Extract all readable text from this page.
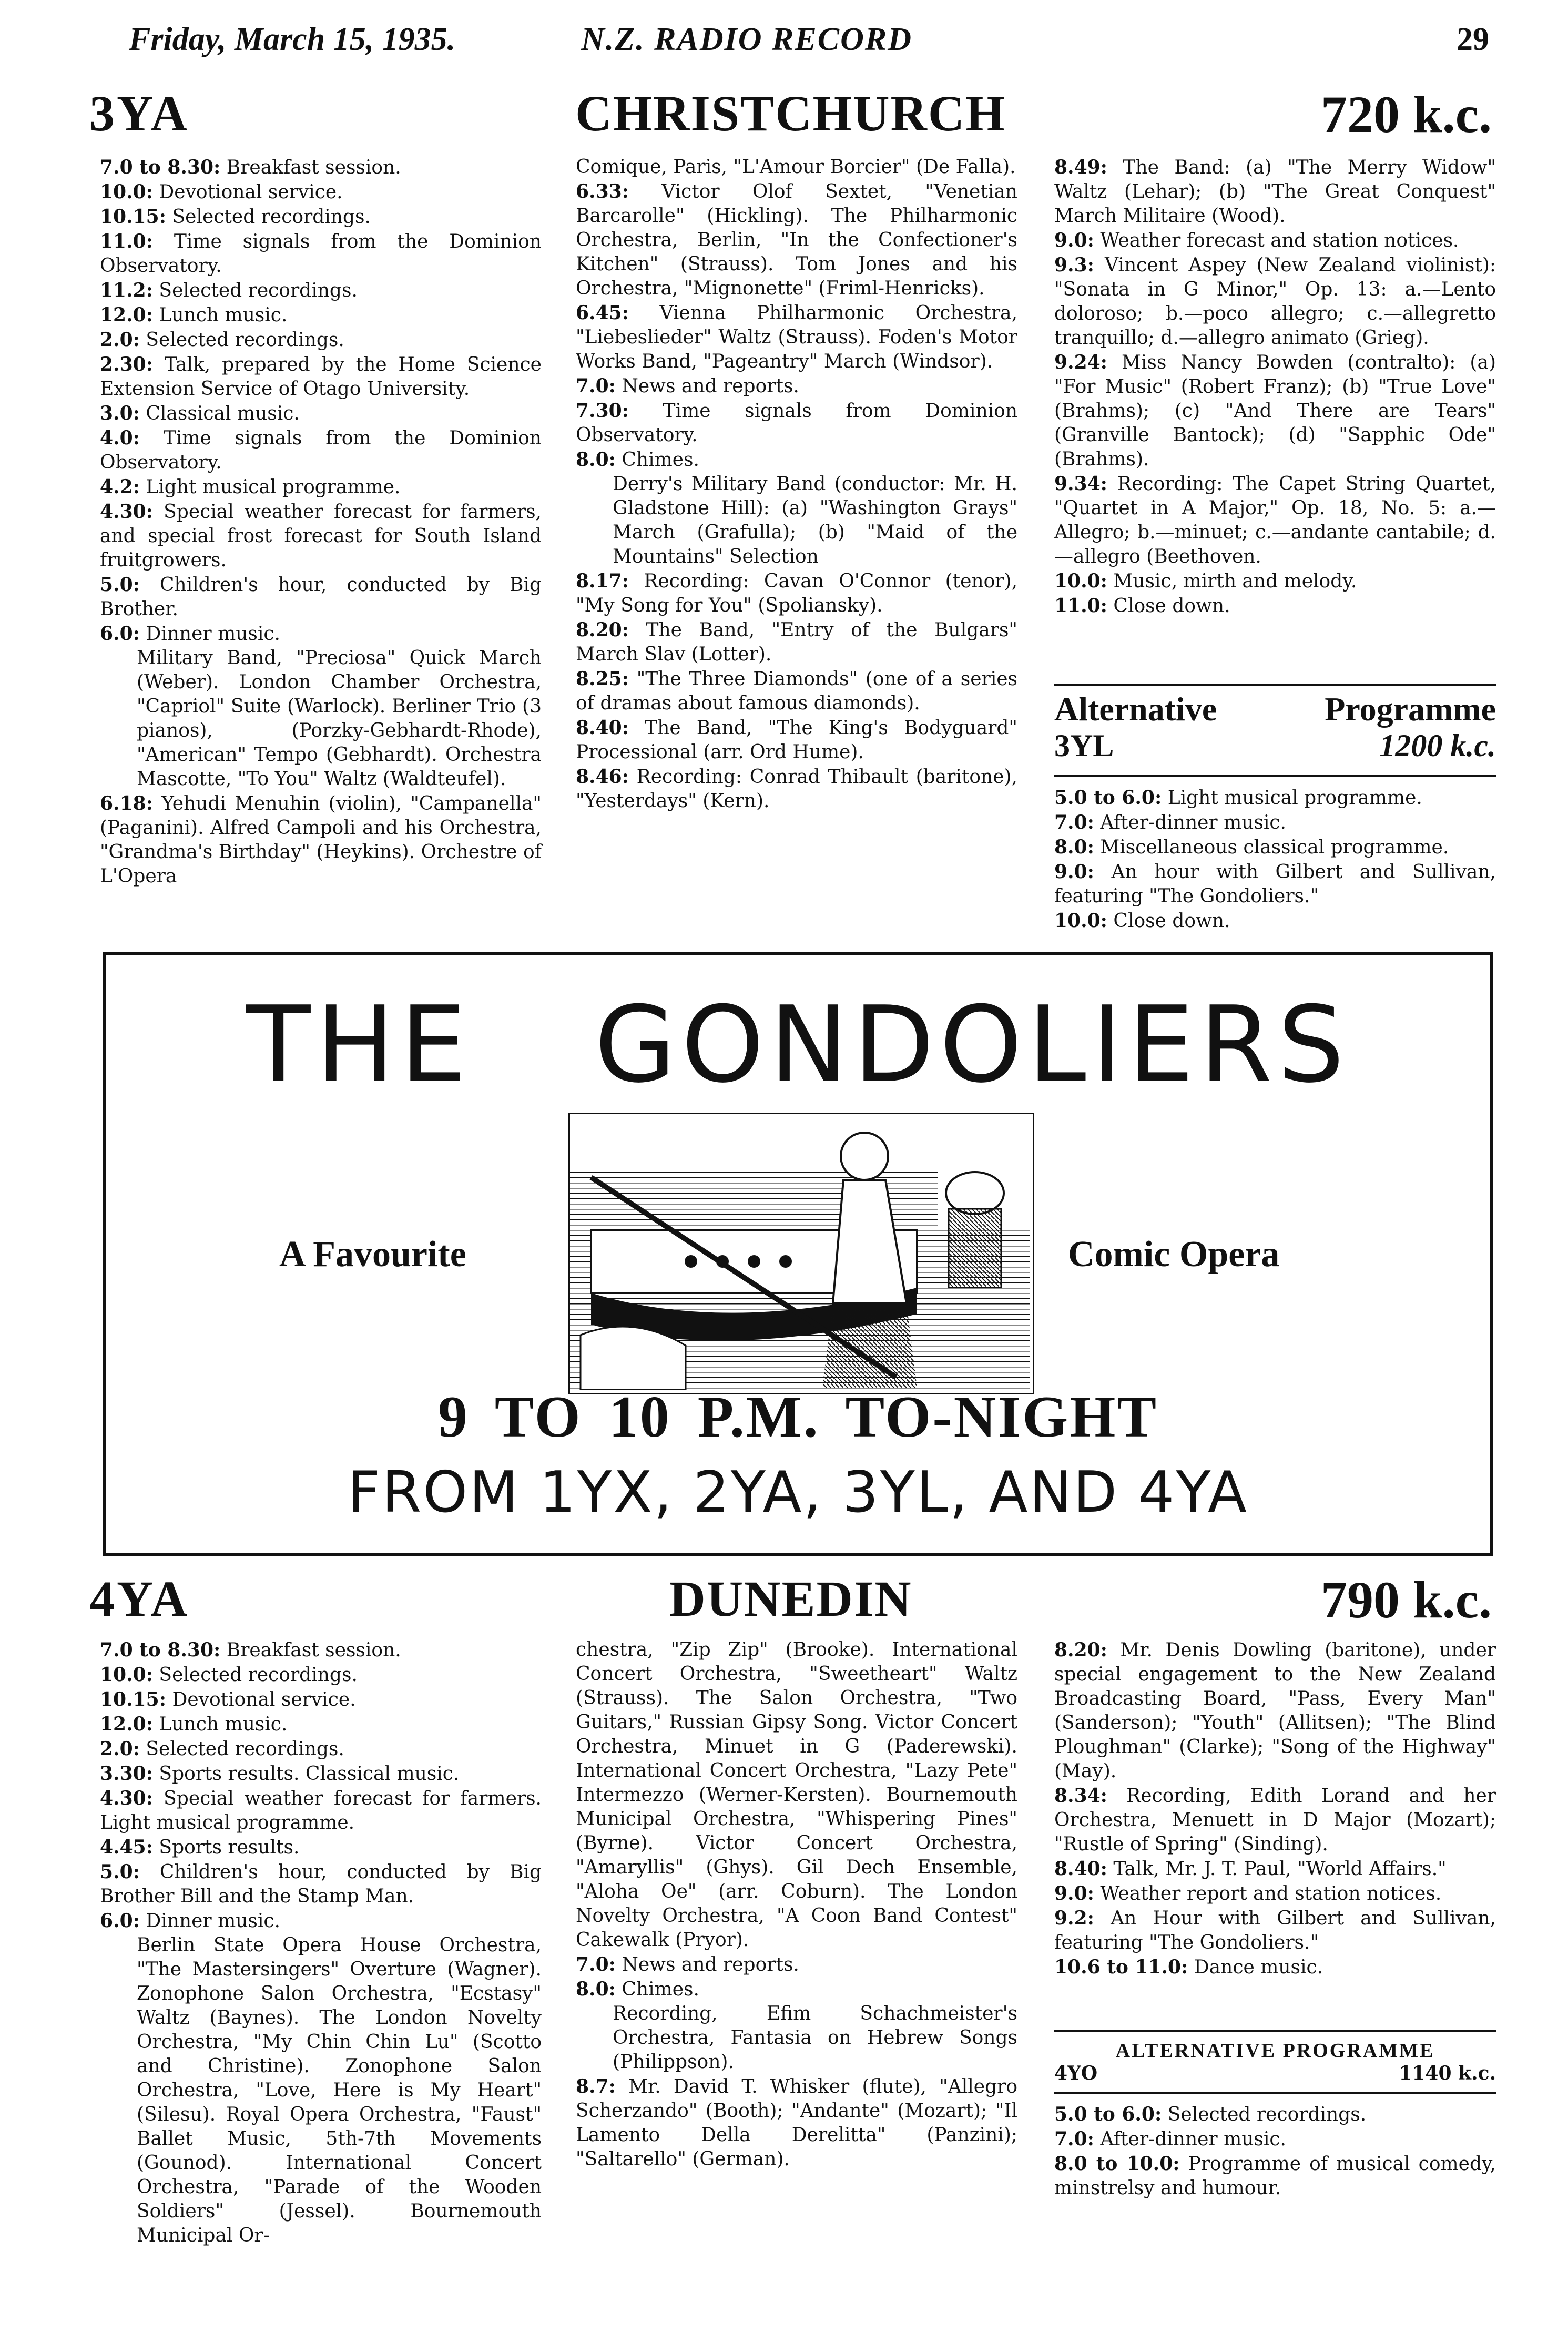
Friday, March 15, 1935.	N.Z. RADIO RECORD	29
3YA	CHRISTCHURCH	720 k.c.

7.0 to 8.30: Breakfast session.

10.0: Devotional service.

10.15: Selected recordings.

11.0: Time signals from the Dominion Observatory.

11.2: Selected recordings.

12.0: Lunch music.

2.0: Selected recordings.

2.30: Talk, prepared by the Home Science Extension Service of Otago University.

3.0: Classical music.

4.0: Time signals from the Dominion Observatory.

4.2: Light musical programme.

4.30: Special weather forecast for farmers, and special frost forecast for South Island fruitgrowers.

5.0: Children's hour, conducted by Big Brother.

6.0: Dinner music.

Military Band, "Preciosa" Quick March (Weber). London Chamber Orchestra, "Capriol" Suite (Warlock). Berliner Trio (3 pianos), (Porzky-Gebhardt-Rhode), "American" Tempo (Gebhardt). Orchestra Mascotte, "To You" Waltz (Waldteufel).

6.18: Yehudi Menuhin (violin), "Campanella" (Paganini). Alfred Campoli and his Orchestra, "Grandma's Birthday" (Heykins). Orchestre of L'Opera

Comique, Paris, "L'Amour Borcier" (De Falla).

6.33: Victor Olof Sextet, "Venetian Barcarolle" (Hickling). The Philharmonic Orchestra, Berlin, "In the Confectioner's Kitchen" (Strauss). Tom Jones and his Orchestra, "Mignonette" (Friml-Henricks).

6.45: Vienna Philharmonic Orchestra, "Liebeslieder" Waltz (Strauss). Foden's Motor Works Band, "Pageantry" March (Windsor).

7.0: News and reports.

7.30: Time signals from Dominion Observatory.

8.0: Chimes.

Derry's Military Band (conductor: Mr. H. Gladstone Hill): (a) "Washington Grays" March (Grafulla); (b) "Maid of the Mountains" Selection

8.17: Recording: Cavan O'Connor (tenor), "My Song for You" (Spoliansky).

8.20: The Band, "Entry of the Bulgars" March Slav (Lotter).

8.25: "The Three Diamonds" (one of a series of dramas about famous diamonds).

8.40: The Band, "The King's Bodyguard" Processional (arr. Ord Hume).

8.46: Recording: Conrad Thibault (baritone), "Yesterdays" (Kern).

8.49: The Band: (a) "The Merry Widow" Waltz (Lehar); (b) "The Great Conquest" March Militaire (Wood).

9.0: Weather forecast and station notices.

9.3: Vincent Aspey (New Zealand violinist): "Sonata in G Minor," Op. 13: a.—Lento doloroso; b.—poco allegro; c.—allegretto tranquillo; d.—allegro animato (Grieg).

9.24: Miss Nancy Bowden (contralto): (a) "For Music" (Robert Franz); (b) "True Love" (Brahms); (c) "And There are Tears" (Granville Bantock); (d) "Sapphic Ode" (Brahms).

9.34: Recording: The Capet String Quartet, "Quartet in A Major," Op. 18, No. 5: a.—Allegro; b.—minuet; c.—andante cantabile; d.—allegro (Beethoven.

10.0: Music, mirth and melody.

11.0: Close down.

Alternative	Programme
3YL	1200 k.c.

5.0 to 6.0: Light musical programme.

7.0: After-dinner music.

8.0: Miscellaneous classical programme.

9.0: An hour with Gilbert and Sullivan, featuring "The Gondoliers."

10.0: Close down.

THE GONDOLIERS
A Favourite	Comic Opera
9 TO 10 P.M. TO-NIGHT
FROM 1YX, 2YA, 3YL, AND 4YA
4YA	DUNEDIN	790 k.c.

7.0 to 8.30: Breakfast session.

10.0: Selected recordings.

10.15: Devotional service.

12.0: Lunch music.

2.0: Selected recordings.

3.30: Sports results. Classical music.

4.30: Special weather forecast for farmers. Light musical programme.

4.45: Sports results.

5.0: Children's hour, conducted by Big Brother Bill and the Stamp Man.

6.0: Dinner music.

Berlin State Opera House Orchestra, "The Mastersingers" Overture (Wagner). Zonophone Salon Orchestra, "Ecstasy" Waltz (Baynes). The London Novelty Orchestra, "My Chin Chin Lu" (Scotto and Christine). Zonophone Salon Orchestra, "Love, Here is My Heart" (Silesu). Royal Opera Orchestra, "Faust" Ballet Music, 5th-7th Movements (Gounod). International Concert Orchestra, "Parade of the Wooden Soldiers" (Jessel). Bournemouth Municipal Or-

chestra, "Zip Zip" (Brooke). International Concert Orchestra, "Sweetheart" Waltz (Strauss). The Salon Orchestra, "Two Guitars," Russian Gipsy Song. Victor Concert Orchestra, Minuet in G (Paderewski). International Concert Orchestra, "Lazy Pete" Intermezzo (Werner-Kersten). Bournemouth Municipal Orchestra, "Whispering Pines" (Byrne). Victor Concert Orchestra, "Amaryllis" (Ghys). Gil Dech Ensemble, "Aloha Oe" (arr. Coburn). The London Novelty Orchestra, "A Coon Band Contest" Cakewalk (Pryor).

7.0: News and reports.

8.0: Chimes.

Recording, Efim Schachmeister's Orchestra, Fantasia on Hebrew Songs (Philippson).

8.7: Mr. David T. Whisker (flute), "Allegro Scherzando" (Booth); "Andante" (Mozart); "Il Lamento Della Derelitta" (Panzini); "Saltarello" (German).

8.20: Mr. Denis Dowling (baritone), under special engagement to the New Zealand Broadcasting Board, "Pass, Every Man" (Sanderson); "Youth" (Allitsen); "The Blind Ploughman" (Clarke); "Song of the Highway" (May).

8.34: Recording, Edith Lorand and her Orchestra, Menuett in D Major (Mozart); "Rustle of Spring" (Sinding).

8.40: Talk, Mr. J. T. Paul, "World Affairs."

9.0: Weather report and station notices.

9.2: An Hour with Gilbert and Sullivan, featuring "The Gondoliers."

10.6 to 11.0: Dance music.

ALTERNATIVE PROGRAMME
4YO	1140 k.c.

5.0 to 6.0: Selected recordings.

7.0: After-dinner music.

8.0 to 10.0: Programme of musical comedy, minstrelsy and humour.
